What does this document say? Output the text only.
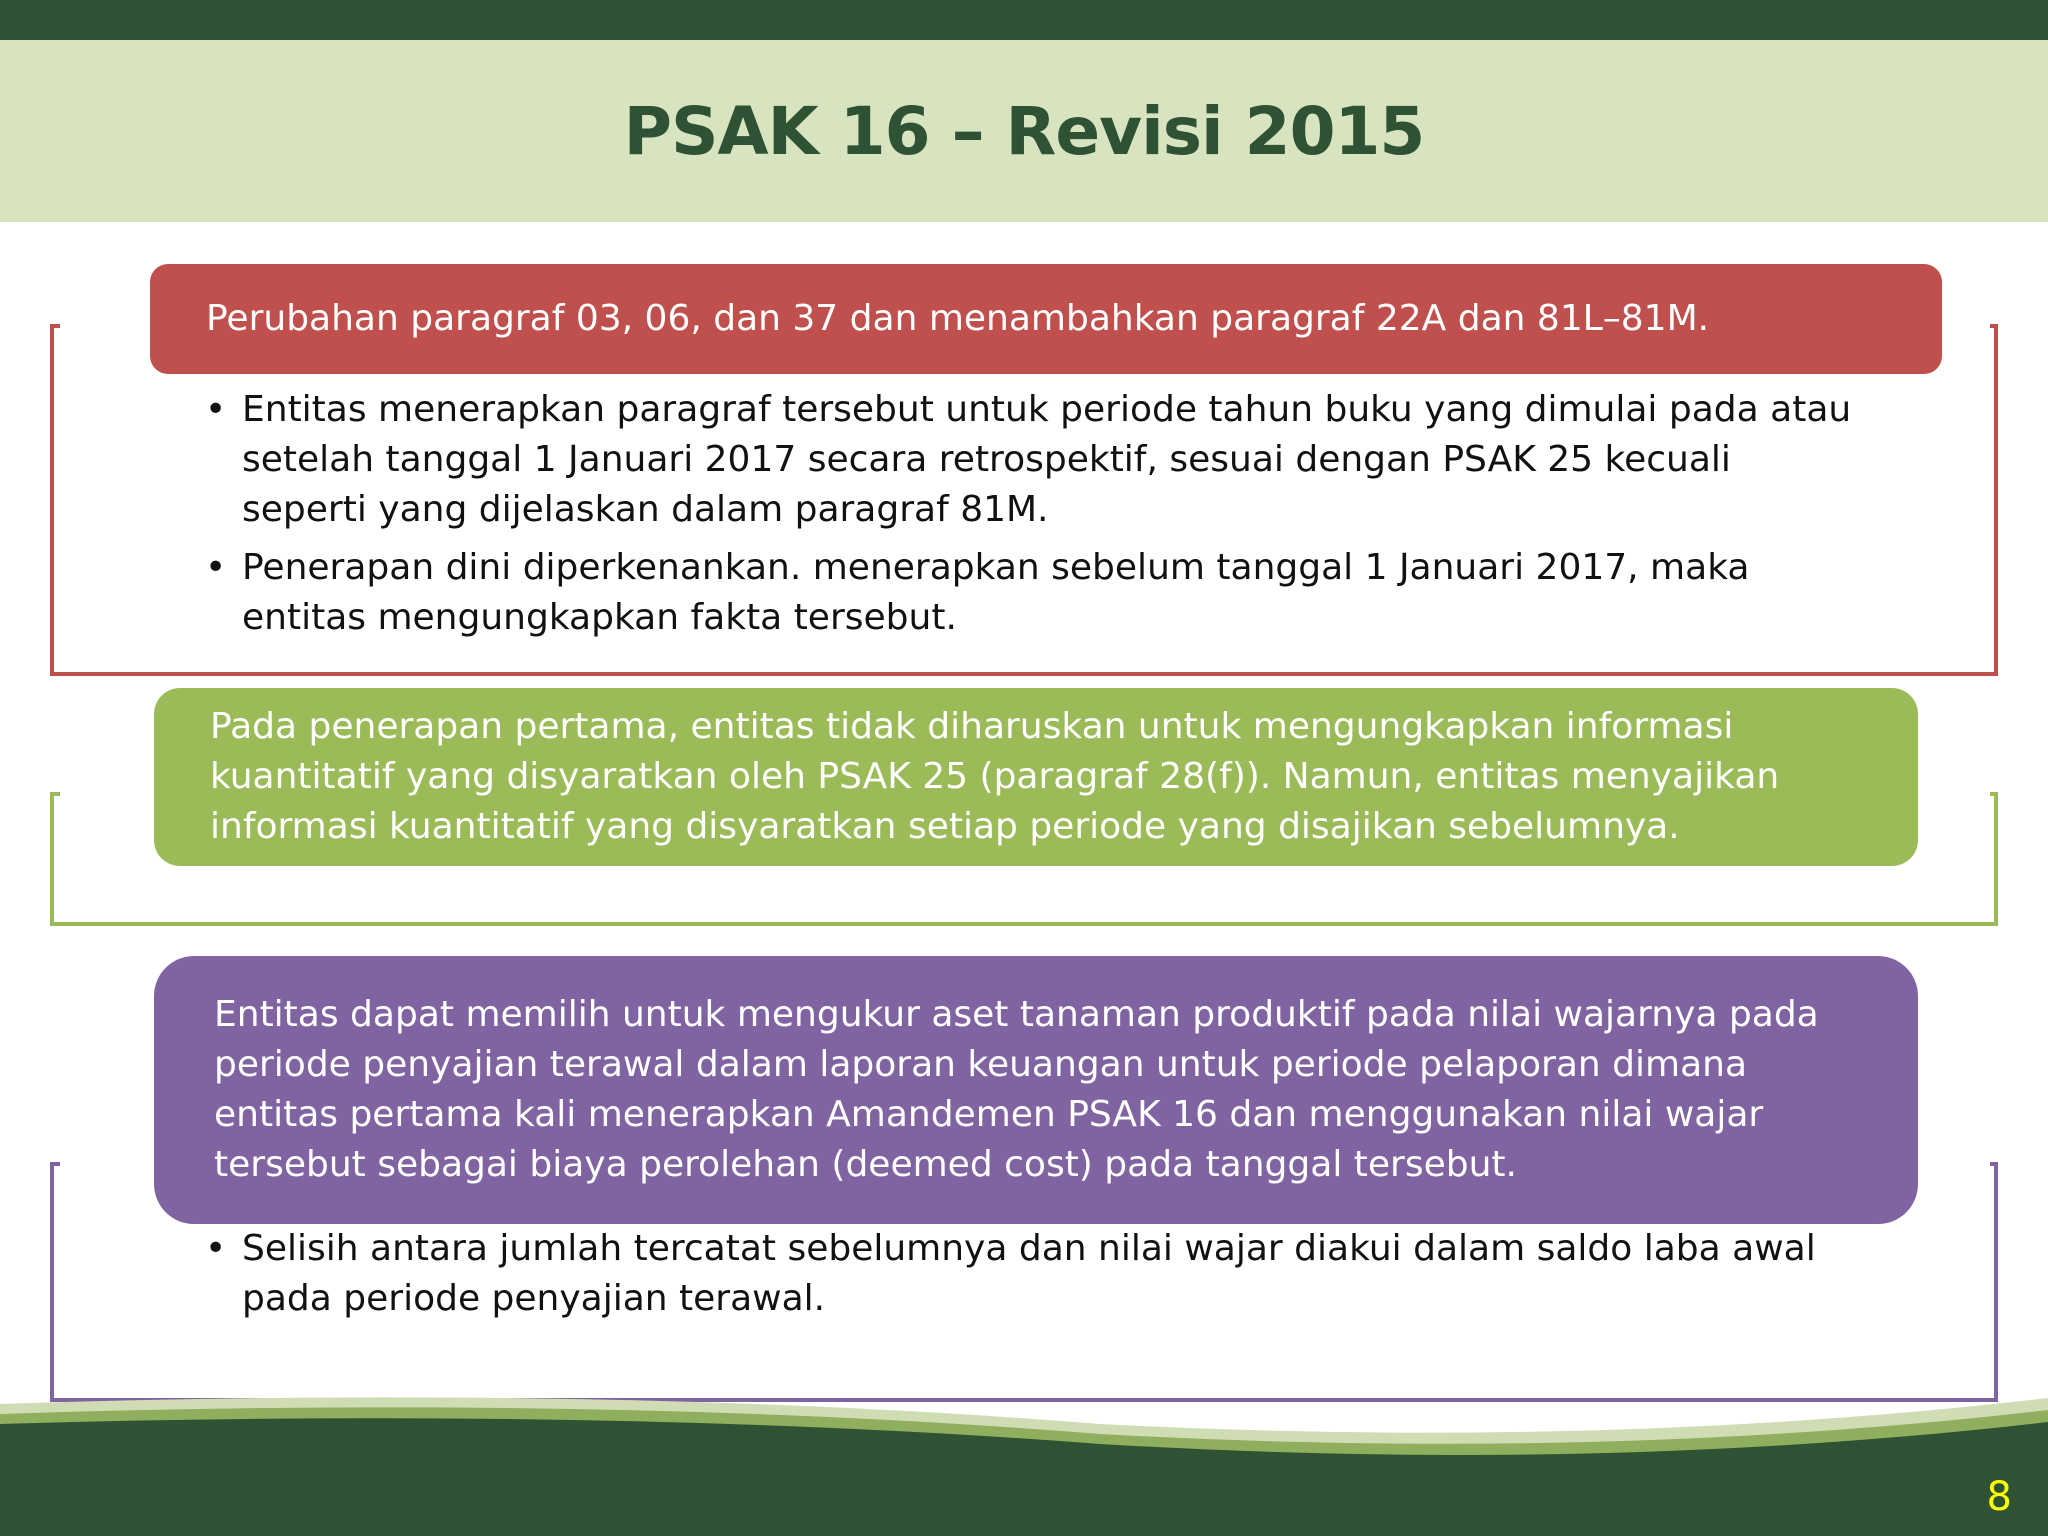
PSAK 16 – Revisi 2015
Perubahan paragraf 03, 06, dan 37 dan menambahkan paragraf 22A dan 81L–81M.
• Entitas menerapkan paragraf tersebut untuk periode tahun buku yang dimulai pada atau setelah tanggal 1 Januari 2017 secara retrospektif, sesuai dengan PSAK 25 kecuali seperti yang dijelaskan dalam paragraf 81M.
• Penerapan dini diperkenankan. menerapkan sebelum tanggal 1 Januari 2017, maka entitas mengungkapkan fakta tersebut.
Pada penerapan pertama, entitas tidak diharuskan untuk mengungkapkan informasi kuantitatif yang disyaratkan oleh PSAK 25 (paragraf 28(f)). Namun, entitas menyajikan informasi kuantitatif yang disyaratkan setiap periode yang disajikan sebelumnya.
Entitas dapat memilih untuk mengukur aset tanaman produktif pada nilai wajarnya pada periode penyajian terawal dalam laporan keuangan untuk periode pelaporan dimana entitas pertama kali menerapkan Amandemen PSAK 16 dan menggunakan nilai wajar tersebut sebagai biaya perolehan (deemed cost) pada tanggal tersebut.
• Selisih antara jumlah tercatat sebelumnya dan nilai wajar diakui dalam saldo laba awal pada periode penyajian terawal.
8
